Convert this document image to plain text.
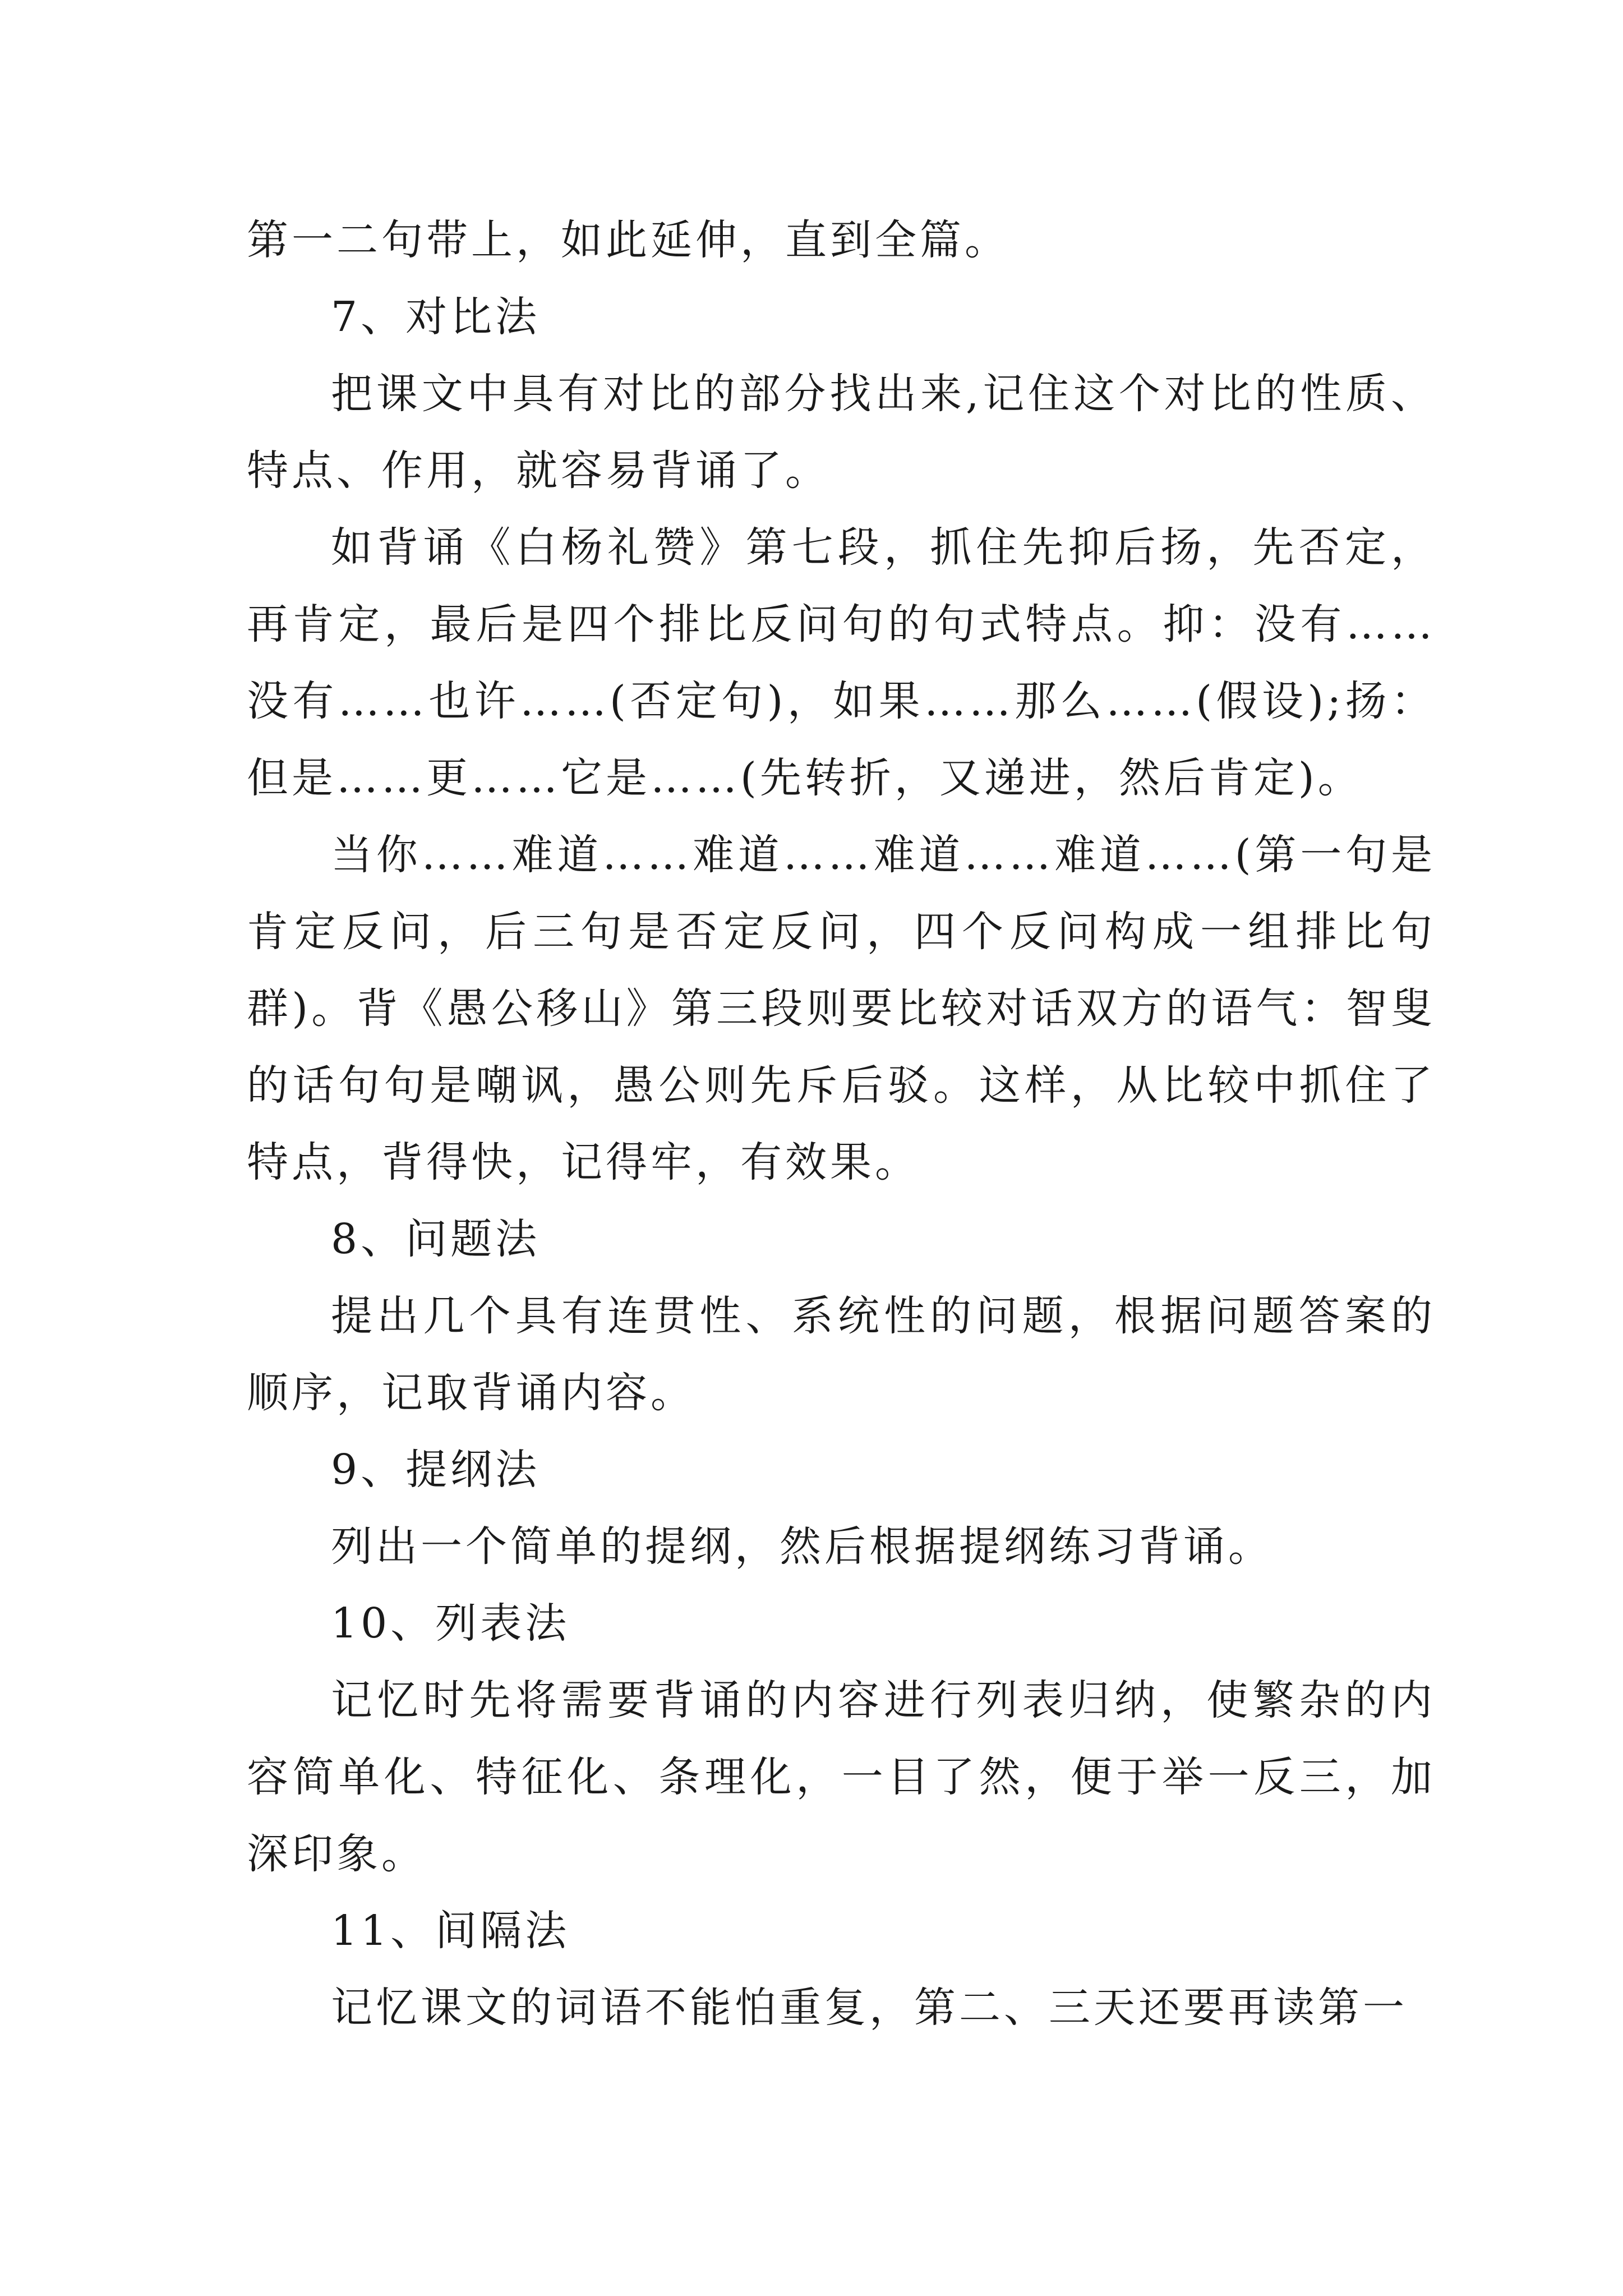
第一二句带上，如此延伸，直到全篇。

7、对比法

把课文中具有对比的部分找出来,记住这个对比的性质、特点、作用，就容易背诵了。

如背诵《白杨礼赞》第七段，抓住先抑后扬，先否定，再肯定，最后是四个排比反问句的句式特点。抑：没有……没有……也许……(否定句)，如果……那么……(假设);扬：但是……更……它是……(先转折，又递进，然后肯定)。

当你……难道……难道……难道……难道……(第一句是肯定反问，后三句是否定反问，四个反问构成一组排比句群)。背《愚公移山》第三段则要比较对话双方的语气：智叟的话句句是嘲讽，愚公则先斥后驳。这样，从比较中抓住了特点，背得快，记得牢，有效果。

8、问题法

提出几个具有连贯性、系统性的问题，根据问题答案的顺序，记取背诵内容。

9、提纲法

列出一个简单的提纲，然后根据提纲练习背诵。

10、列表法

记忆时先将需要背诵的内容进行列表归纳，使繁杂的内容简单化、特征化、条理化，一目了然，便于举一反三，加深印象。

11、间隔法

记忆课文的词语不能怕重复，第二、三天还要再读第一
